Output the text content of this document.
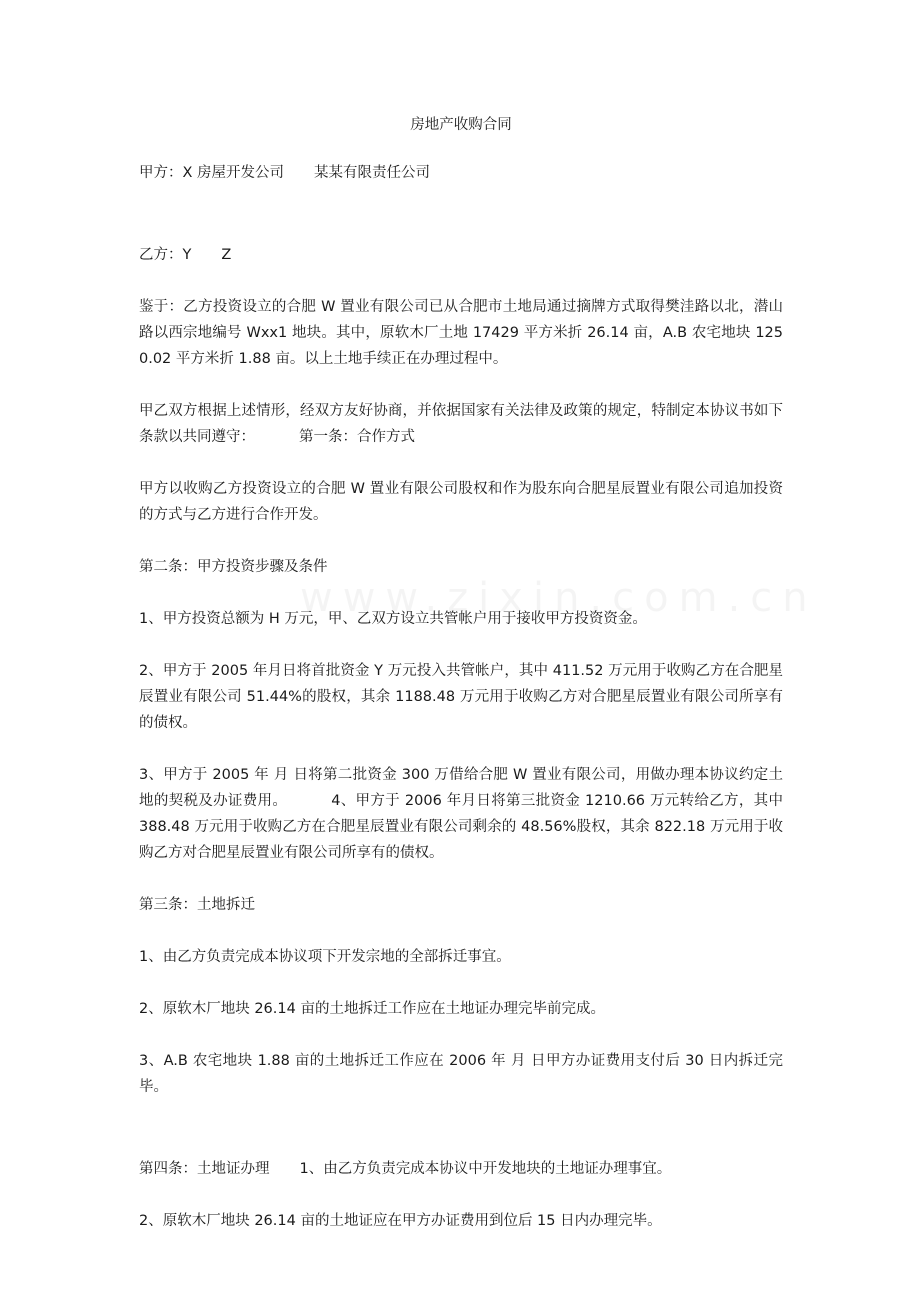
房地产收购合同

甲方：X 房屋开发公司 某某有限责任公司

乙方：Y Z

鉴于：乙方投资设立的合肥 W 置业有限公司已从合肥市土地局通过摘牌方式取得樊洼路以北，潜山路以西宗地编号 Wxx1 地块。其中，原软木厂土地 17429 平方米折 26.14 亩，A.B 农宅地块 1250.02 平方米折 1.88 亩。以上土地手续正在办理过程中。

甲乙双方根据上述情形，经双方友好协商，并依据国家有关法律及政策的规定，特制定本协议书如下条款以共同遵守：	第一条：合作方式

甲方以收购乙方投资设立的合肥 W 置业有限公司股权和作为股东向合肥星辰置业有限公司追加投资的方式与乙方进行合作开发。

第二条：甲方投资步骤及条件

1、甲方投资总额为 H 万元，甲、乙双方设立共管帐户用于接收甲方投资资金。

2、甲方于 2005 年月日将首批资金 Y 万元投入共管帐户，其中 411.52 万元用于收购乙方在合肥星辰置业有限公司 51.44%的股权，其余 1188.48 万元用于收购乙方对合肥星辰置业有限公司所享有的债权。

3、甲方于 2005 年 月 日将第二批资金 300 万借给合肥 W 置业有限公司，用做办理本协议约定土地的契税及办证费用。	4、甲方于 2006 年月日将第三批资金 1210.66 万元转给乙方，其中 388.48 万元用于收购乙方在合肥星辰置业有限公司剩余的 48.56%股权，其余 822.18 万元用于收购乙方对合肥星辰置业有限公司所享有的债权。

第三条：土地拆迁

1、由乙方负责完成本协议项下开发宗地的全部拆迁事宜。

2、原软木厂地块 26.14 亩的土地拆迁工作应在土地证办理完毕前完成。

3、A.B 农宅地块 1.88 亩的土地拆迁工作应在 2006 年 月 日甲方办证费用支付后 30 日内拆迁完毕。

第四条：土地证办理 1、由乙方负责完成本协议中开发地块的土地证办理事宜。

2、原软木厂地块 26.14 亩的土地证应在甲方办证费用到位后 15 日内办理完毕。
